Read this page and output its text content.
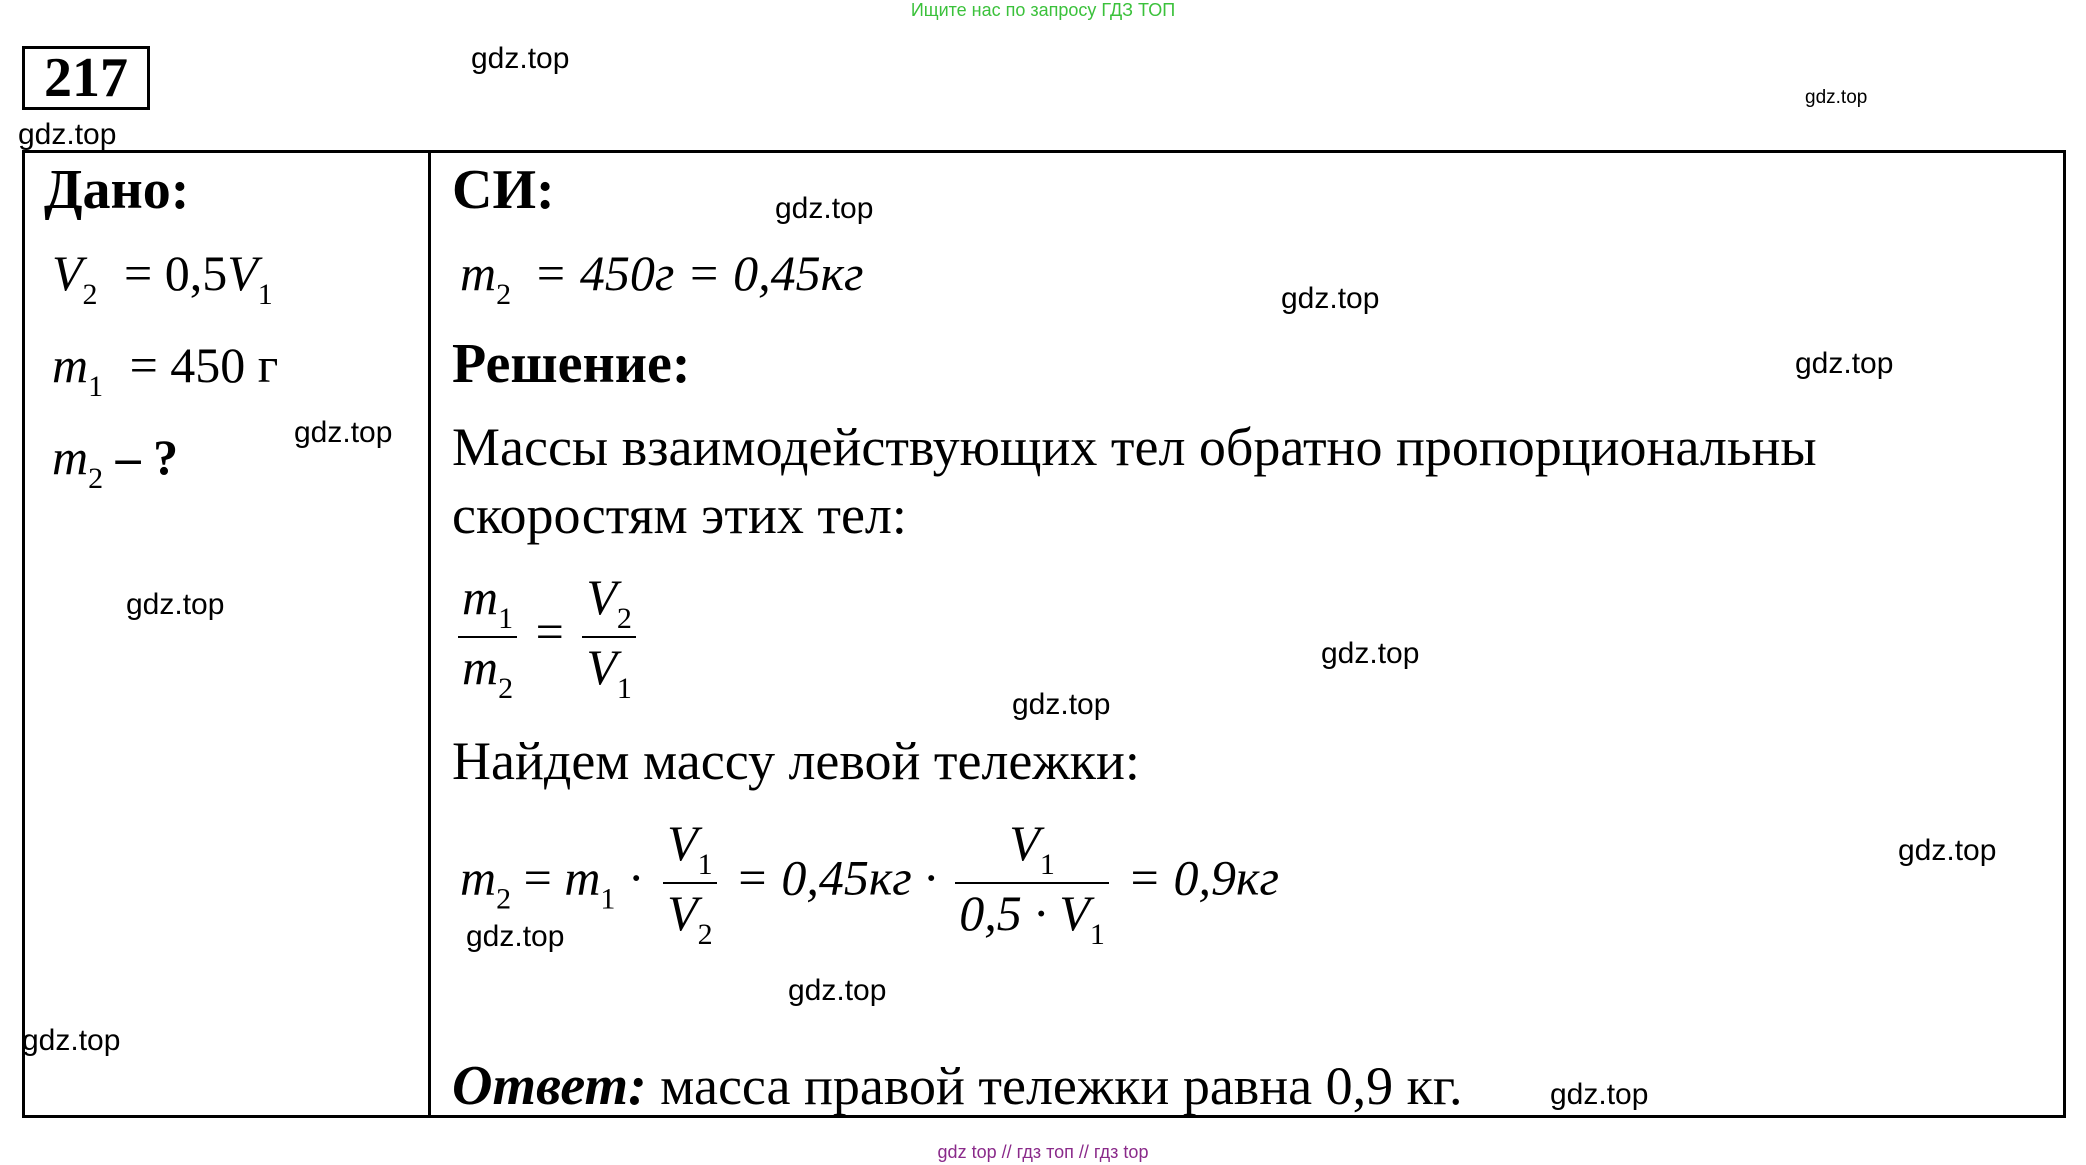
Ищите нас по запросу ГДЗ ТОП
217
Дано:
$V_2 = 0,5V_1$
$m_1 = 450$ г
$m_2$ – ?
СИ:
$m_2 = 450г = 0,45кг$
Решение:
Массы взаимодействующих тел обратно пропорциональны
скоростям этих тел:
$\frac{m_1}{m_2} = \frac{V_2}{V_1}$
Найдем массу левой тележки:
$m_2 = m_1 \cdot \frac{V_1}{V_2} = 0,45кг \cdot \frac{V_1}{0,5 \cdot V_1} = 0,9кг$
Ответ: масса правой тележки равна 0,9 кг.
gdz.top
gdz.top
gdz.top
gdz.top
gdz.top
gdz.top
gdz.top
gdz.top
gdz.top
gdz.top
gdz.top
gdz.top
gdz.top
gdz.top
gdz.top
gdz top // гдз топ // гдз top
